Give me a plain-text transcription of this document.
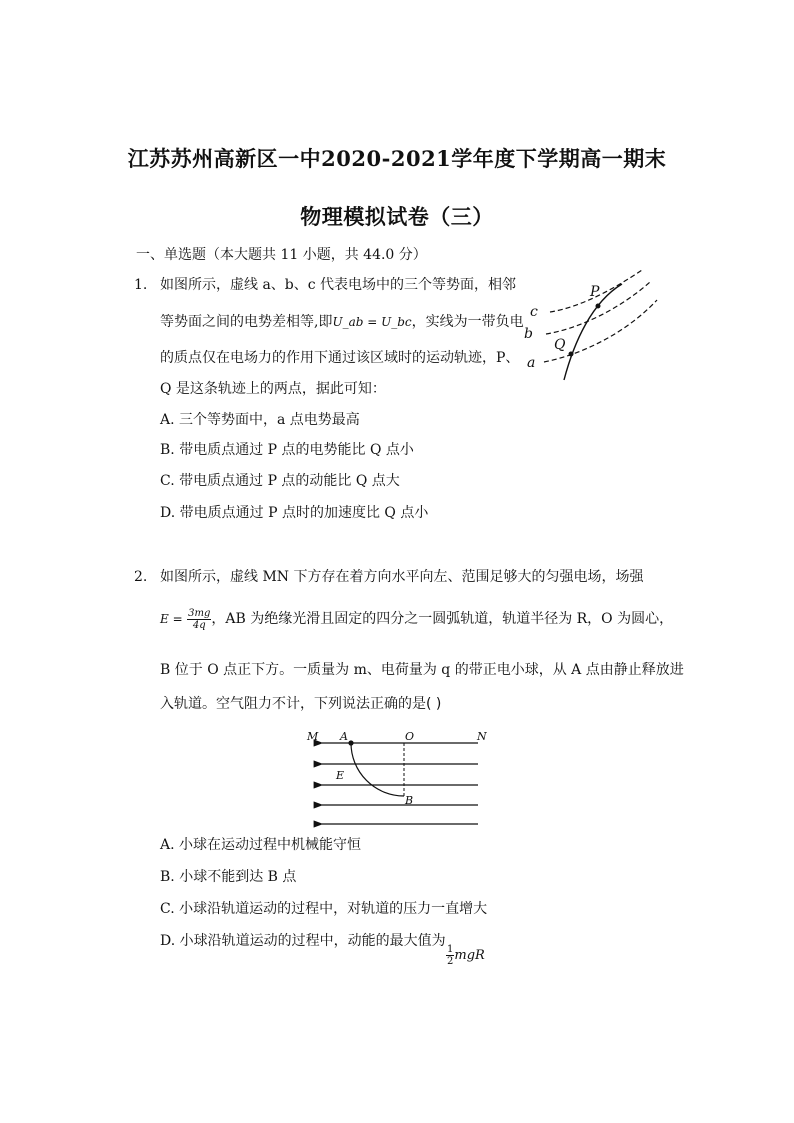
江苏苏州高新区一中2020-2021学年度下学期高一期末
物理模拟试卷（三）
一、单选题（本大题共 11 小题，共 44.0 分）
1. 如图所示，虚线 a、b、c 代表电场中的三个等势面，相邻
等势面之间的电势差相等,即U_ab = U_bc，实线为一带负电
的质点仅在电场力的作用下通过该区域时的运动轨迹，P、
Q 是这条轨迹上的两点，据此可知：
A. 三个等势面中，a 点电势最高
B. 带电质点通过 P 点的电势能比 Q 点小
C. 带电质点通过 P 点的动能比 Q 点大
D. 带电质点通过 P 点时的加速度比 Q 点小
c
b
a
P
Q
2. 如图所示，虚线 MN 下方存在着方向水平向左、范围足够大的匀强电场，场强
$E = \frac{3mg}{4q}$ ，AB 为绝缘光滑且固定的四分之一圆弧轨道，轨道半径为 R，O 为圆心，
B 位于 O 点正下方。一质量为 m、电荷量为 q 的带正电小球，从 A 点由静止释放进
入轨道。空气阻力不计，下列说法正确的是( )
M A	O	N
E
B
A. 小球在运动过程中机械能守恒
B. 小球不能到达 B 点
C. 小球沿轨道运动的过程中，对轨道的压力一直增大
D. 小球沿轨道运动的过程中，动能的最大值为
$\frac{1}{2}$ mgR
